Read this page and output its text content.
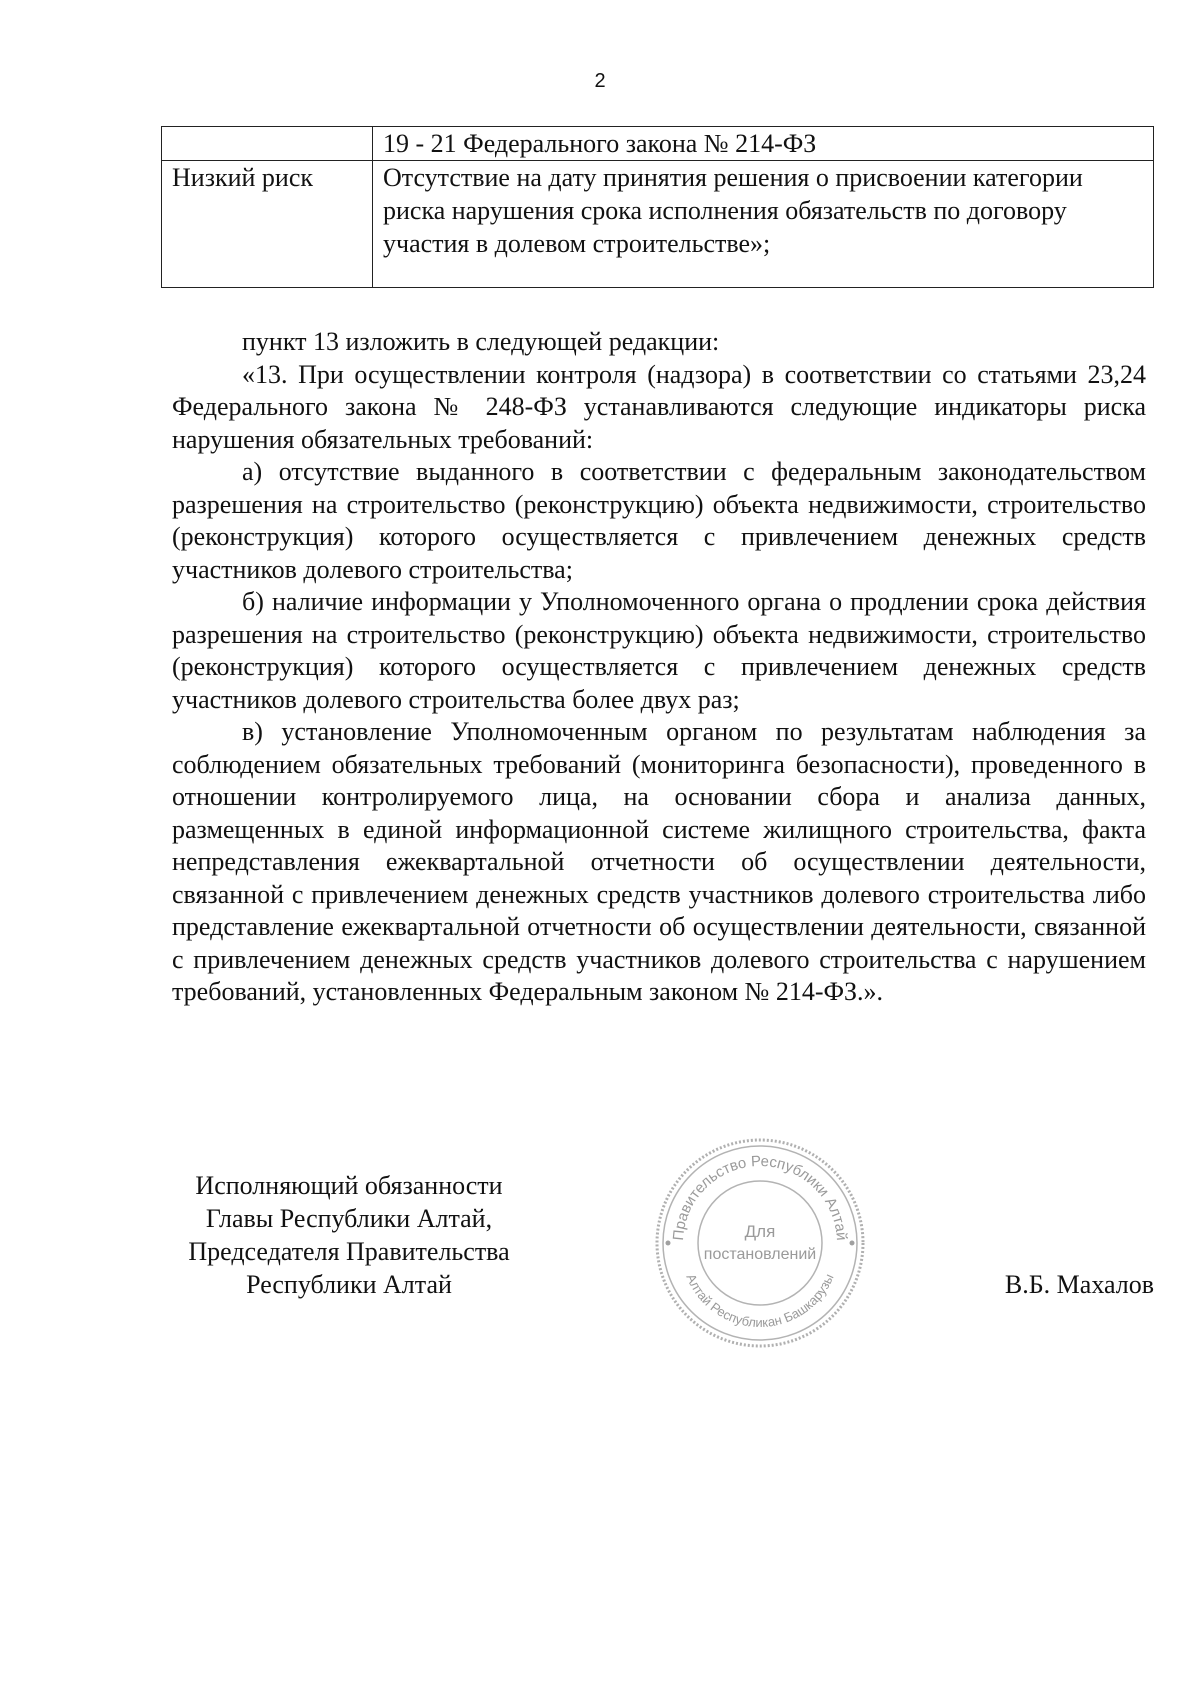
2
	19 - 21 Федерального закона № 214-ФЗ
Низкий риск	Отсутствие на дату принятия решения о присвоении категории риска нарушения срока исполнения обязательств по договору участия в долевом строительстве»;

пункт 13 изложить в следующей редакции:

«13. При осуществлении контроля (надзора) в соответствии со статьями 23,24 Федерального закона № 248-ФЗ устанавливаются следующие индикаторы риска нарушения обязательных требований:

а) отсутствие выданного в соответствии с федеральным законодательством разрешения на строительство (реконструкцию) объекта недвижимости, строительство (реконструкция) которого осуществляется с привлечением денежных средств участников долевого строительства;

б) наличие информации у Уполномоченного органа о продлении срока действия разрешения на строительство (реконструкцию) объекта недвижимости, строительство (реконструкция) которого осуществляется с привлечением денежных средств участников долевого строительства более двух раз;

в) установление Уполномоченным органом по результатам наблюдения за соблюдением обязательных требований (мониторинга безопасности), проведенного в отношении контролируемого лица, на основании сбора и анализа данных, размещенных в единой информационной системе жилищного строительства, факта непредставления ежеквартальной отчетности об осуществлении деятельности, связанной с привлечением денежных средств участников долевого строительства либо представление ежеквартальной отчетности об осуществлении деятельности, связанной с привлечением денежных средств участников долевого строительства с нарушением требований, установленных Федеральным законом № 214-ФЗ.».

Исполняющий обязанности
Главы Республики Алтай,
Председателя Правительства
Республики Алтай
Правительство Республики Алтай
Алтай Республикан Башкарузы
Для
постановлений
В.Б. Махалов
